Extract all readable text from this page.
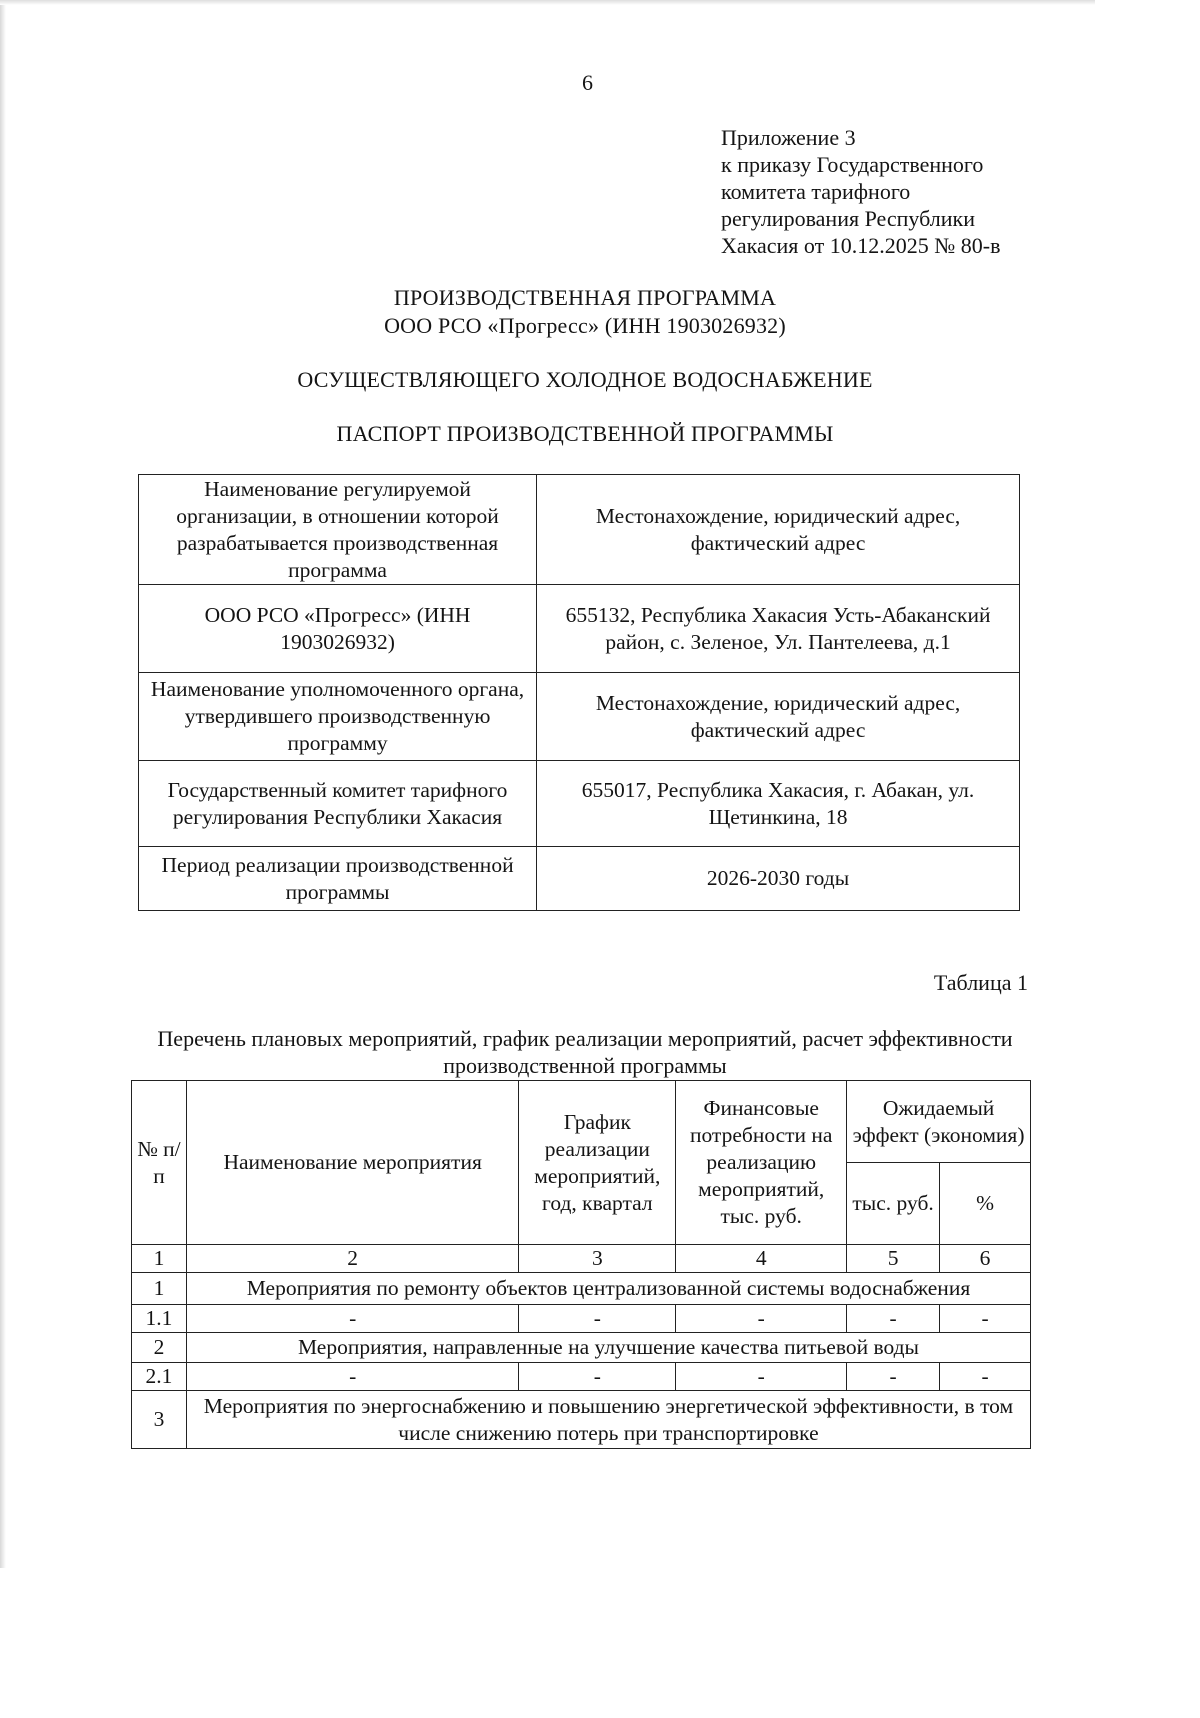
6
Приложение 3
к приказу Государственного
комитета тарифного
регулирования Республики
Хакасия от 10.12.2025 № 80-в
ПРОИЗВОДСТВЕННАЯ ПРОГРАММА
ООО РСО «Прогресс» (ИНН 1903026932)
ОСУЩЕСТВЛЯЮЩЕГО ХОЛОДНОЕ ВОДОСНАБЖЕНИЕ
ПАСПОРТ ПРОИЗВОДСТВЕННОЙ ПРОГРАММЫ
Наименование регулируемой организации, в отношении которой разрабатывается производственная программа	Местонахождение, юридический адрес, фактический адрес
ООО РСО «Прогресс» (ИНН 1903026932)	655132, Республика Хакасия Усть-Абаканский район, с. Зеленое, Ул. Пантелеева, д.1
Наименование уполномоченного органа, утвердившего производственную программу	Местонахождение, юридический адрес, фактический адрес
Государственный комитет тарифного регулирования Республики Хакасия	655017, Республика Хакасия, г. Абакан, ул. Щетинкина, 18
Период реализации производственной программы	2026-2030 годы
Таблица 1
Перечень плановых мероприятий, график реализации мероприятий, расчет эффективности производственной программы
№ п/п	Наименование мероприятия	График реализации мероприятий, год, квартал	Финансовые потребности на реализацию мероприятий, тыс. руб.	Ожидаемый эффект (экономия)	
				тыс. руб.	%
1	2	3	4	5	6
1	Мероприятия по ремонту объектов централизованной системы водоснабжения				
1.1	-	-	-	-	-
2	Мероприятия, направленные на улучшение качества питьевой воды				
2.1	-	-	-	-	-
3	Мероприятия по энергоснабжению и повышению энергетической эффективности, в том числе снижению потерь при транспортировке				
